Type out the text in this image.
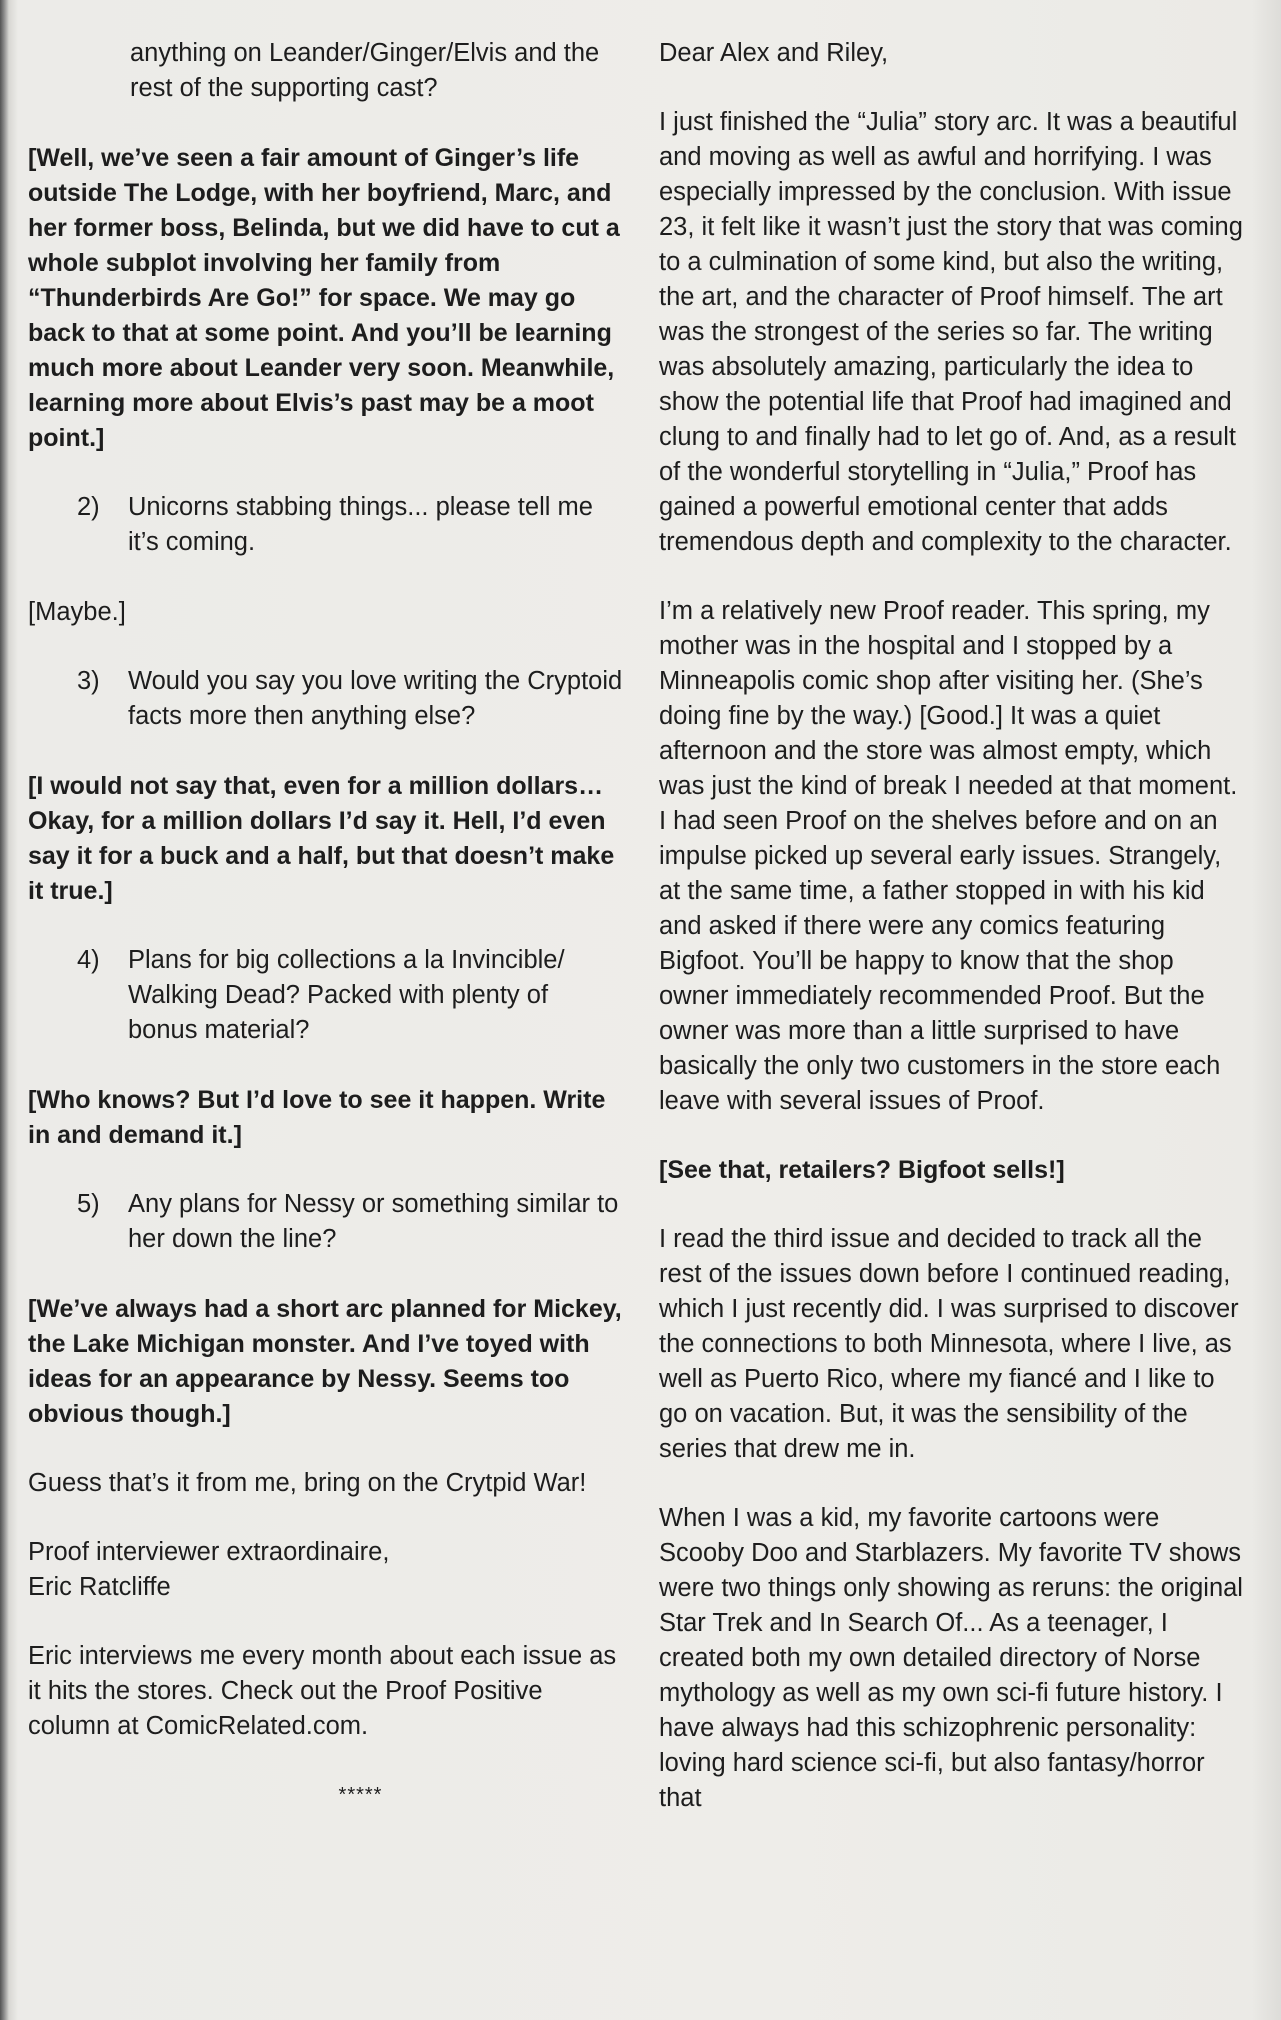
anything on Leander/Ginger/Elvis and the rest of the supporting cast?

[Well, we’ve seen a fair amount of Ginger’s life outside The Lodge, with her boyfriend, Marc, and her former boss, Belinda, but we did have to cut a whole subplot involving her family from “Thunderbirds Are Go!” for space. We may go back to that at some point. And you’ll be learning much more about Leander very soon. Meanwhile, learning more about Elvis’s past may be a moot point.]

2)	Unicorns stabbing things... please tell me it’s coming.

[Maybe.]

3)	Would you say you love writing the Cryptoid facts more then anything else?

[I would not say that, even for a million dollars… Okay, for a million dollars I’d say it. Hell, I’d even say it for a buck and a half, but that doesn’t make it true.]

4)	Plans for big collections a la Invincible/ Walking Dead? Packed with plenty of bonus material?

[Who knows? But I’d love to see it happen. Write in and demand it.]

5)	Any plans for Nessy or something similar to her down the line?

[We’ve always had a short arc planned for Mickey, the Lake Michigan monster. And I’ve toyed with ideas for an appearance by Nessy. Seems too obvious though.]

Guess that’s it from me, bring on the Crytpid War!

Proof interviewer extraordinaire,

Eric Ratcliffe

Eric interviews me every month about each issue as it hits the stores. Check out the Proof Positive column at ComicRelated.com.

*****

Dear Alex and Riley,

I just finished the “Julia” story arc. It was a beautiful and moving as well as awful and horrifying. I was especially impressed by the conclusion. With issue 23, it felt like it wasn’t just the story that was coming to a culmination of some kind, but also the writing, the art, and the character of Proof himself. The art was the strongest of the series so far. The writing was absolutely amazing, particularly the idea to show the potential life that Proof had imagined and clung to and finally had to let go of. And, as a result of the wonderful storytelling in “Julia,” Proof has gained a powerful emotional center that adds tremendous depth and complexity to the character.

I’m a relatively new Proof reader. This spring, my mother was in the hospital and I stopped by a Minneapolis comic shop after visiting her. (She’s doing fine by the way.) [Good.] It was a quiet afternoon and the store was almost empty, which was just the kind of break I needed at that moment. I had seen Proof on the shelves before and on an impulse picked up several early issues. Strangely, at the same time, a father stopped in with his kid and asked if there were any comics featuring Bigfoot. You’ll be happy to know that the shop owner immediately recommended Proof. But the owner was more than a little surprised to have basically the only two customers in the store each leave with several issues of Proof.

[See that, retailers? Bigfoot sells!]

I read the third issue and decided to track all the rest of the issues down before I continued reading, which I just recently did. I was surprised to discover the connections to both Minnesota, where I live, as well as Puerto Rico, where my fiancé and I like to go on vacation. But, it was the sensibility of the series that drew me in.

When I was a kid, my favorite cartoons were Scooby Doo and Starblazers. My favorite TV shows were two things only showing as reruns: the original Star Trek and In Search Of... As a teenager, I created both my own detailed directory of Norse mythology as well as my own sci-fi future history. I have always had this schizophrenic personality: loving hard science sci-fi, but also fantasy/horror that
